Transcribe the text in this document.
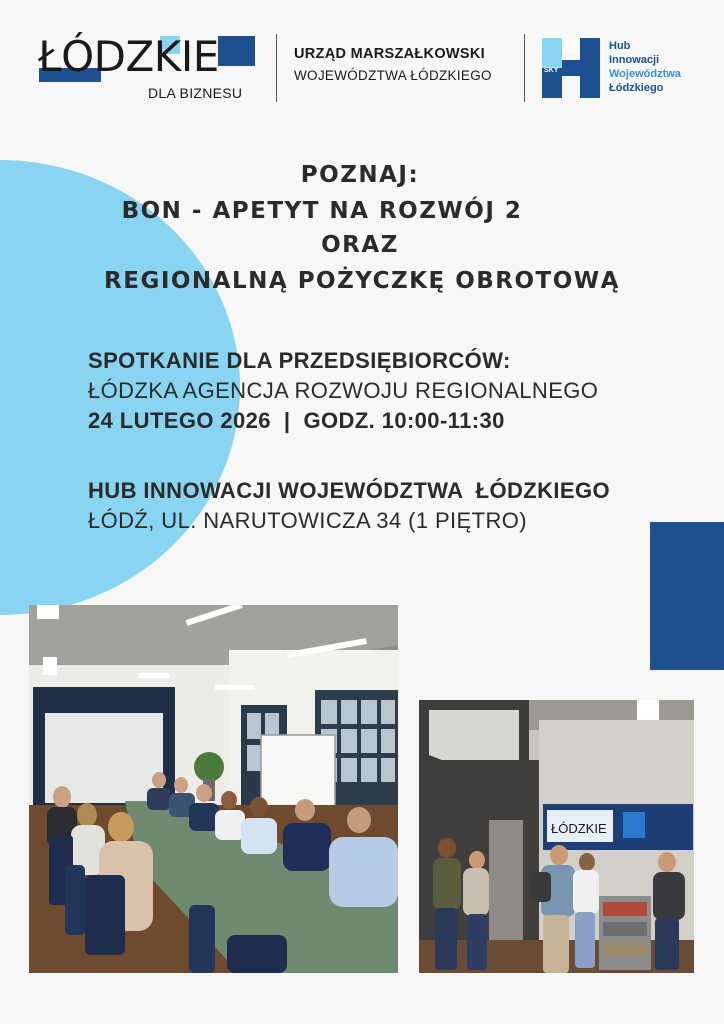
ŁÓDZKIE
DLA BIZNESU
URZĄD MARSZAŁKOWSKI
WOJEWÓDZTWA ŁÓDZKIEGO	SKY
Hub
Innowacji
Województwa
Łódzkiego
POZNAJ:
BON - APETYT NA ROZWÓJ 2
ORAZ
REGIONALNĄ POŻYCZKĘ OBROTOWĄ
SPOTKANIE DLA PRZEDSIĘBIORCÓW:
ŁÓDZKA AGENCJA ROZWOJU REGIONALNEGO
24 LUTEGO 2026  |  GODZ. 10:00-11:30
HUB INNOWACJI WOJEWÓDZTWA  ŁÓDZKIEGO
ŁÓDŹ, UL. NARUTOWICZA 34 (1 PIĘTRO)
ŁÓDZKIE
